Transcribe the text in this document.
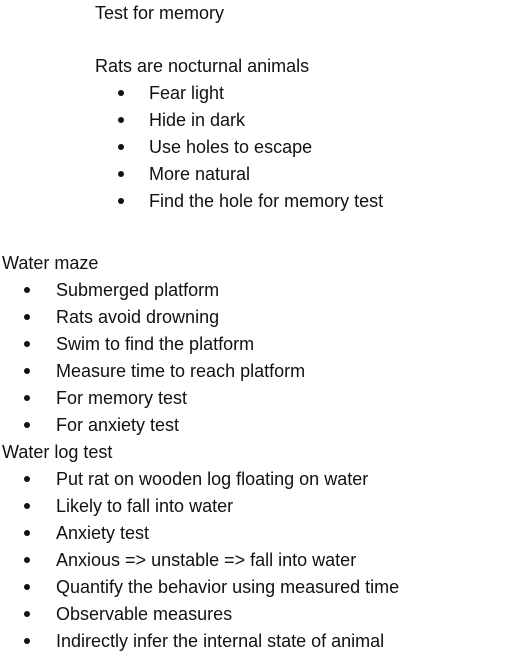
Test for memory
Rats are nocturnal animals
Fear light
Hide in dark
Use holes to escape
More natural
Find the hole for memory test
Water maze
Submerged platform
Rats avoid drowning
Swim to find the platform
Measure time to reach platform
For memory test
For anxiety test
Water log test
Put rat on wooden log floating on water
Likely to fall into water
Anxiety test
Anxious => unstable => fall into water
Quantify the behavior using measured time
Observable measures
Indirectly infer the internal state of animal
